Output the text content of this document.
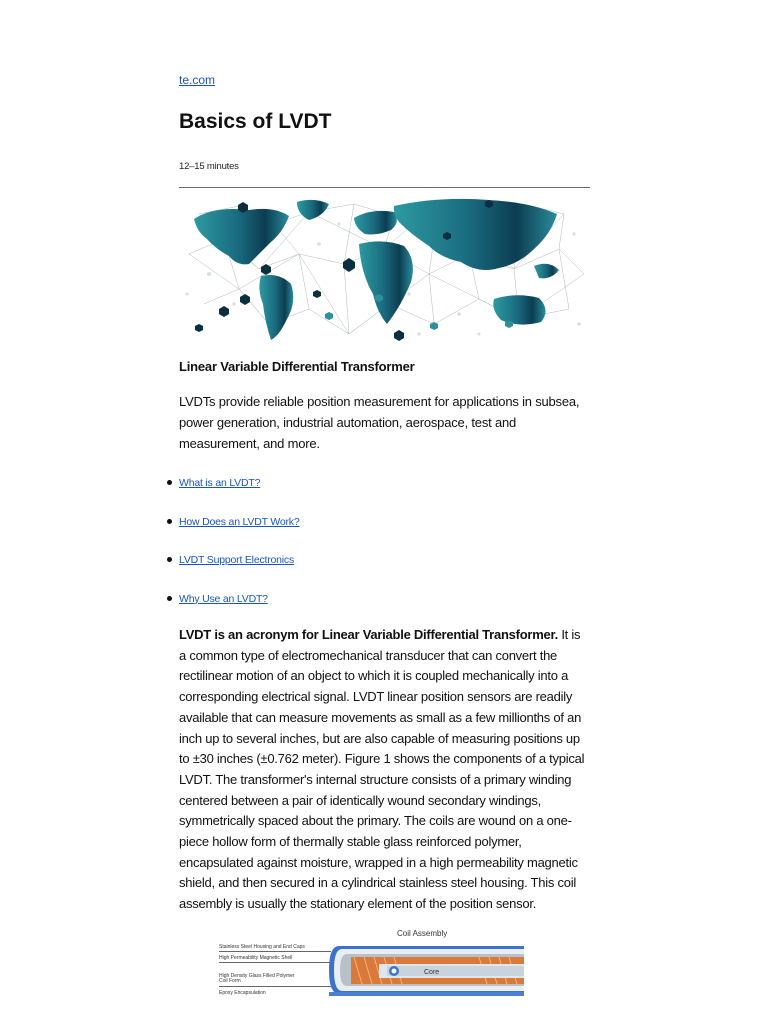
te.com
Basics of LVDT
12–15 minutes
Linear Variable Differential Transformer

LVDTs provide reliable position measurement for applications in subsea, power generation, industrial automation, aerospace, test and measurement, and more.

What is an LVDT?
How Does an LVDT Work?
LVDT Support Electronics
Why Use an LVDT?

LVDT is an acronym for Linear Variable Differential Transformer. It is a common type of electromechanical transducer that can convert the rectilinear motion of an object to which it is coupled mechanically into a corresponding electrical signal. LVDT linear position sensors are readily available that can measure movements as small as a few millionths of an inch up to several inches, but are also capable of measuring positions up to ±30 inches (±0.762 meter). Figure 1 shows the components of a typical LVDT. The transformer's internal structure consists of a primary winding centered between a pair of identically wound secondary windings, symmetrically spaced about the primary. The coils are wound on a one-piece hollow form of thermally stable glass reinforced polymer, encapsulated against moisture, wrapped in a high permeability magnetic shield, and then secured in a cylindrical stainless steel housing. This coil assembly is usually the stationary element of the position sensor.

Coil Assembly
Stainless Steel Housing and End Caps
High Permeability Magnetic Shell
High Density Glass Filled Polymer Coil Form
Epoxy Encapsulation
Core
